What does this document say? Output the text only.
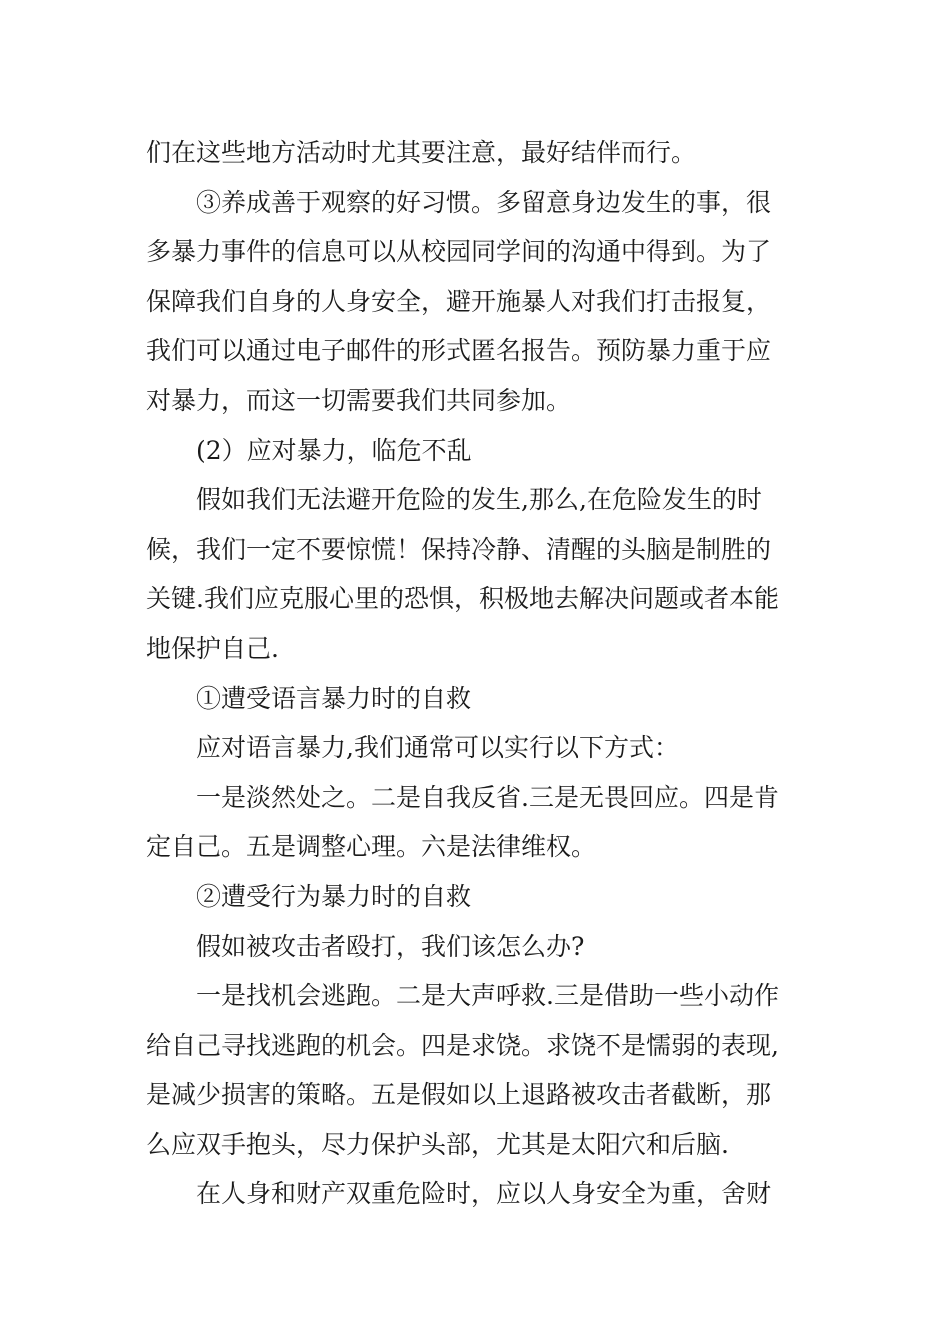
们在这些地方活动时尤其要注意，最好结伴而行。
③养成善于观察的好习惯。多留意身边发生的事，很
多暴力事件的信息可以从校园同学间的沟通中得到。为了
保障我们自身的人身安全，避开施暴人对我们打击报复，
我们可以通过电子邮件的形式匿名报告。预防暴力重于应
对暴力，而这一切需要我们共同参加。
(2）应对暴力，临危不乱
假如我们无法避开危险的发生,那么,在危险发生的时
候，我们一定不要惊慌！保持冷静、清醒的头脑是制胜的
关键.我们应克服心里的恐惧，积极地去解决问题或者本能
地保护自己.
①遭受语言暴力时的自救
应对语言暴力,我们通常可以实行以下方式：
一是淡然处之。二是自我反省.三是无畏回应。四是肯
定自己。五是调整心理。六是法律维权。
②遭受行为暴力时的自救
假如被攻击者殴打，我们该怎么办?
一是找机会逃跑。二是大声呼救.三是借助一些小动作
给自己寻找逃跑的机会。四是求饶。求饶不是懦弱的表现,
是减少损害的策略。五是假如以上退路被攻击者截断，那
么应双手抱头，尽力保护头部，尤其是太阳穴和后脑.
在人身和财产双重危险时，应以人身安全为重，舍财
